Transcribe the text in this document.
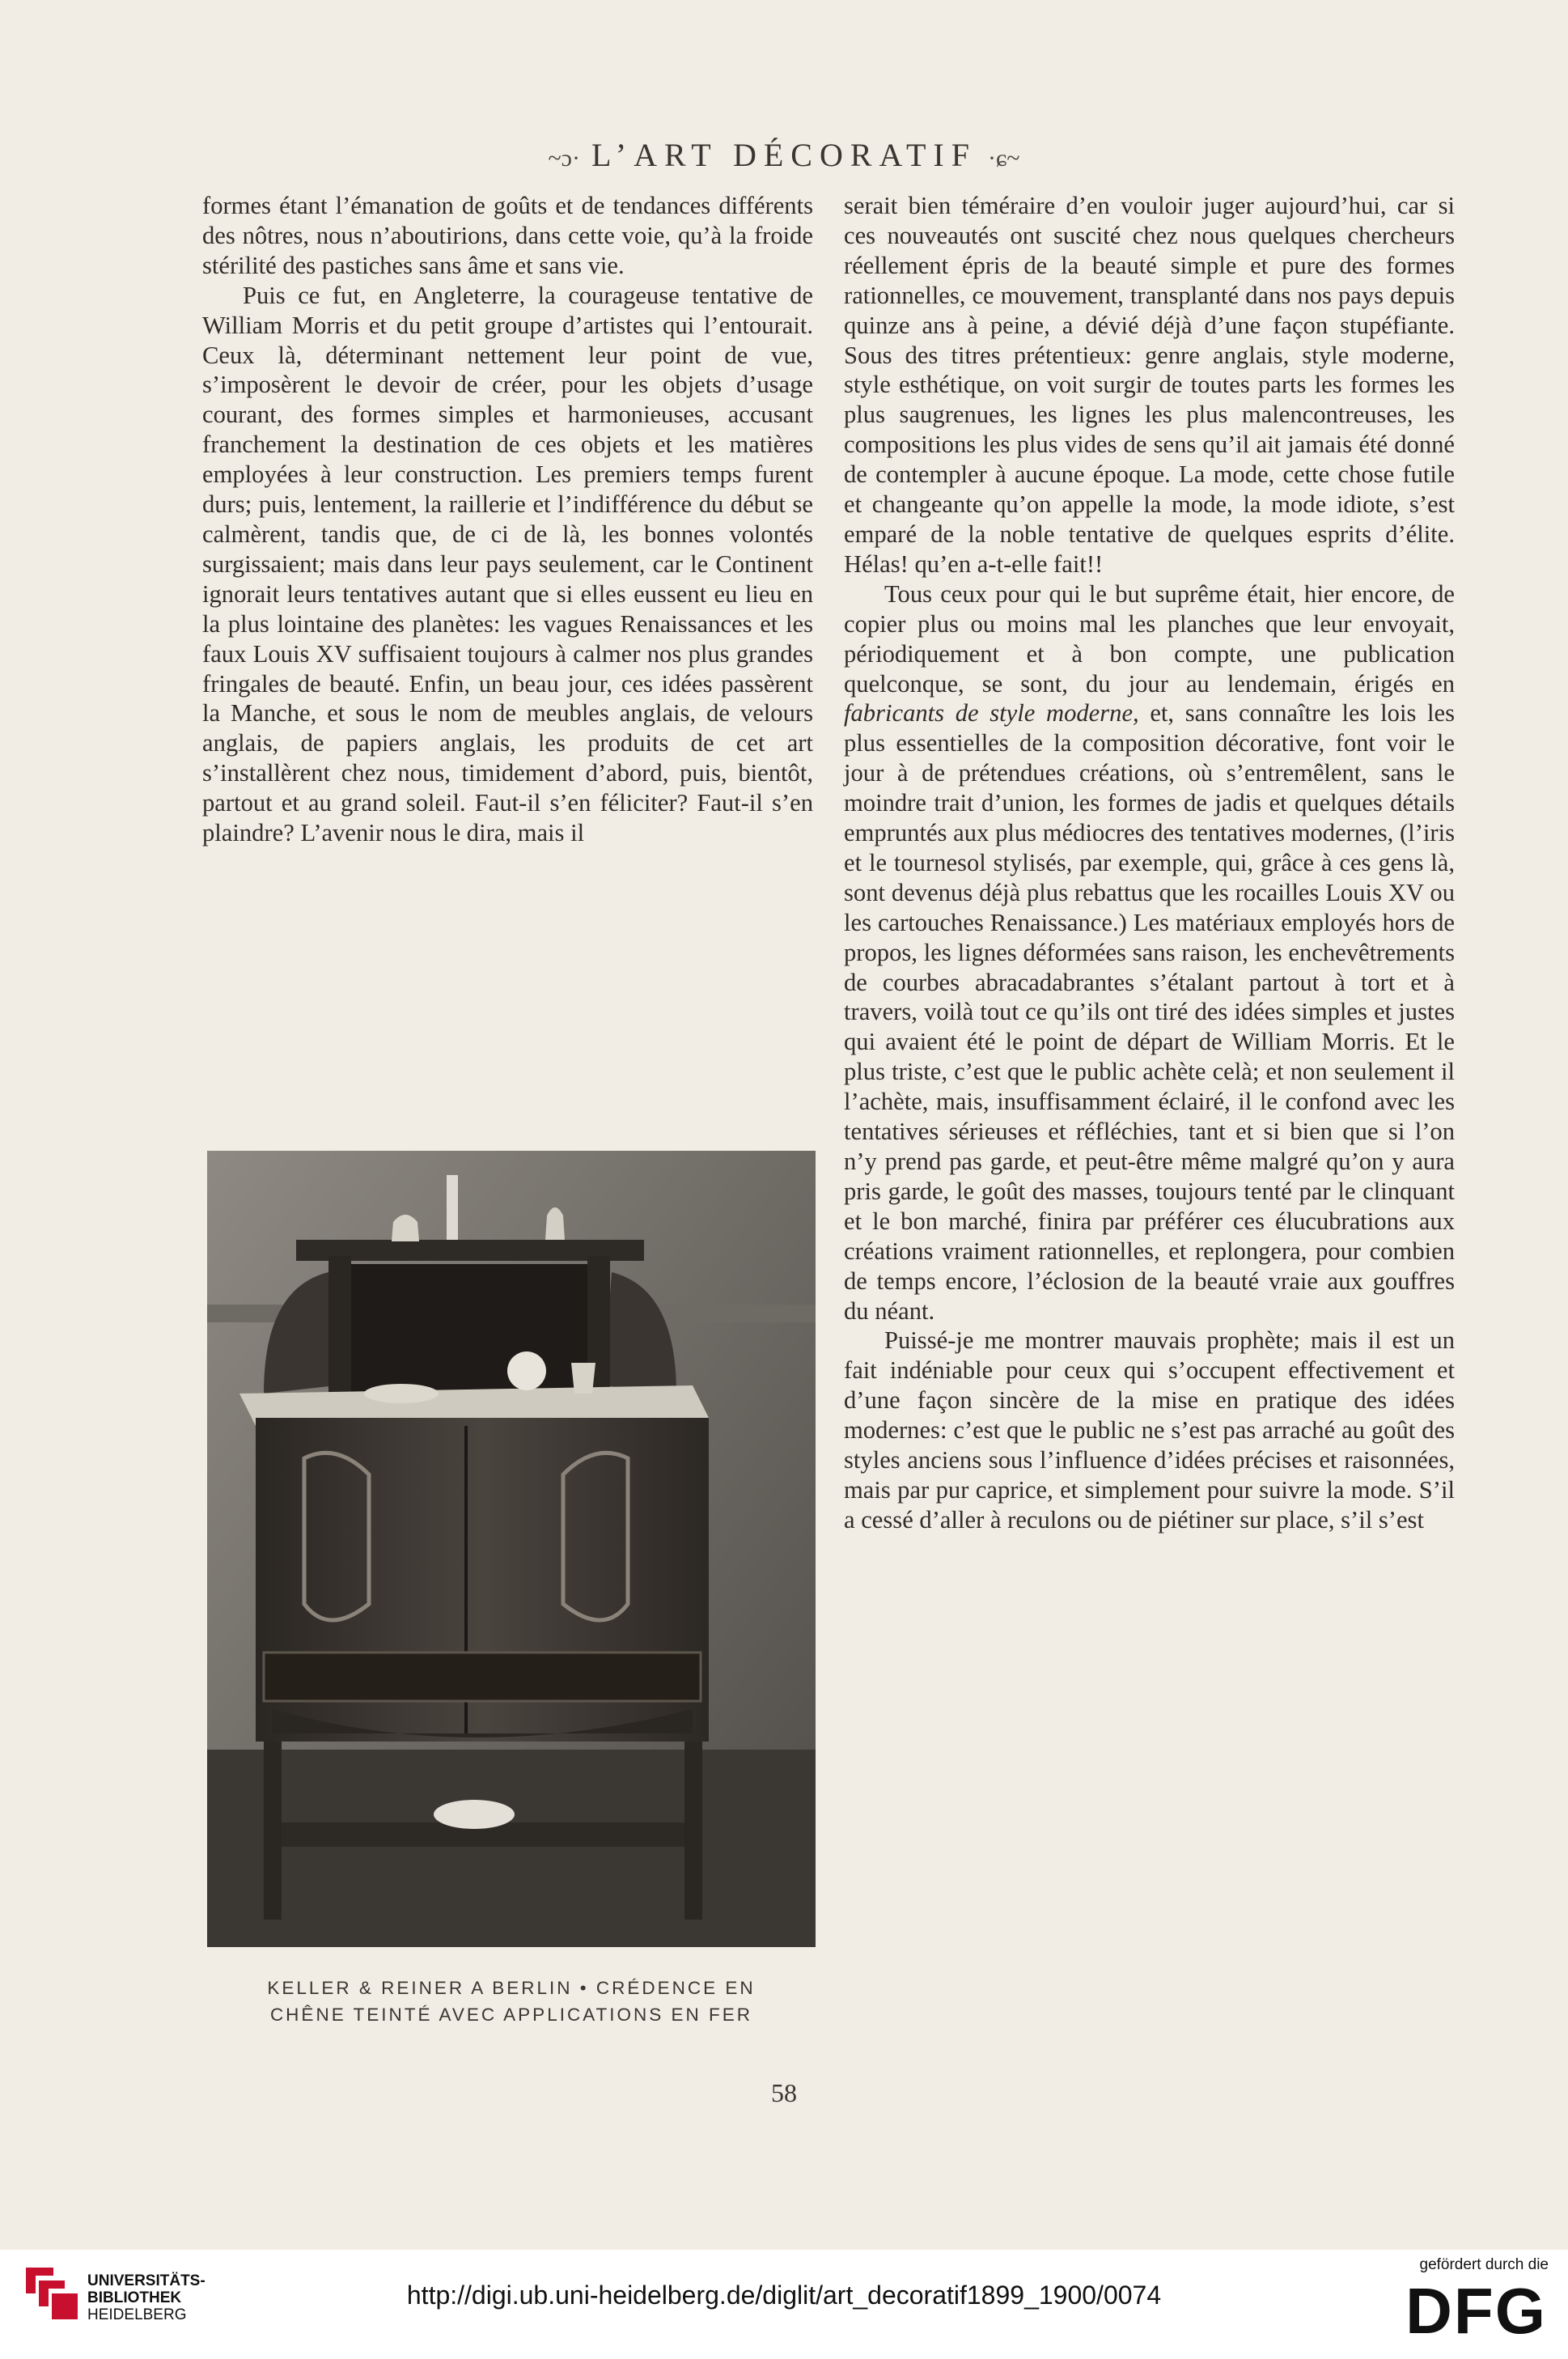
~ɔ· L’ART DÉCORATIF ·ɕ~

formes étant l’émanation de goûts et de tendances différents des nôtres, nous n’aboutirions, dans cette voie, qu’à la froide stérilité des pastiches sans âme et sans vie.

Puis ce fut, en Angleterre, la courageuse tentative de William Morris et du petit groupe d’artistes qui l’entourait. Ceux là, déterminant nettement leur point de vue, s’imposèrent le devoir de créer, pour les objets d’usage courant, des formes simples et harmonieuses, accusant franchement la destination de ces objets et les matières employées à leur construction. Les premiers temps furent durs; puis, lentement, la raillerie et l’indifférence du début se calmèrent, tandis que, de ci de là, les bonnes volontés surgissaient; mais dans leur pays seulement, car le Continent ignorait leurs tentatives autant que si elles eussent eu lieu en la plus lointaine des planètes: les vagues Renaissances et les faux Louis XV suffisaient toujours à calmer nos plus grandes fringales de beauté. Enfin, un beau jour, ces idées passèrent la Manche, et sous le nom de meubles anglais, de velours anglais, de papiers anglais, les produits de cet art s’installèrent chez nous, timidement d’abord, puis, bientôt, partout et au grand soleil. Faut-il s’en féliciter? Faut-il s’en plaindre? L’avenir nous le dira, mais il

KELLER & REINER A BERLIN • CRÉDENCE EN
CHÊNE TEINTÉ AVEC APPLICATIONS EN FER

serait bien téméraire d’en vouloir juger aujourd’hui, car si ces nouveautés ont suscité chez nous quelques chercheurs réellement épris de la beauté simple et pure des formes rationnelles, ce mouvement, transplanté dans nos pays depuis quinze ans à peine, a dévié déjà d’une façon stupéfiante. Sous des titres prétentieux: genre anglais, style moderne, style esthétique, on voit surgir de toutes parts les formes les plus saugrenues, les lignes les plus malencontreuses, les compositions les plus vides de sens qu’il ait jamais été donné de contempler à aucune époque. La mode, cette chose futile et changeante qu’on appelle la mode, la mode idiote, s’est emparé de la noble tentative de quelques esprits d’élite. Hélas! qu’en a-t-elle fait!!

Tous ceux pour qui le but suprême était, hier encore, de copier plus ou moins mal les planches que leur envoyait, périodiquement et à bon compte, une publication quelconque, se sont, du jour au lendemain, érigés en fabricants de style moderne, et, sans connaître les lois les plus essentielles de la composition décorative, font voir le jour à de prétendues créations, où s’entremêlent, sans le moindre trait d’union, les formes de jadis et quelques détails empruntés aux plus médiocres des tentatives modernes, (l’iris et le tournesol stylisés, par exemple, qui, grâce à ces gens là, sont devenus déjà plus rebattus que les rocailles Louis XV ou les cartouches Renaissance.) Les matériaux employés hors de propos, les lignes déformées sans raison, les enchevêtrements de courbes abracadabrantes s’étalant partout à tort et à travers, voilà tout ce qu’ils ont tiré des idées simples et justes qui avaient été le point de départ de William Morris. Et le plus triste, c’est que le public achète celà; et non seulement il l’achète, mais, insuffisamment éclairé, il le confond avec les tentatives sérieuses et réfléchies, tant et si bien que si l’on n’y prend pas garde, et peut-être même malgré qu’on y aura pris garde, le goût des masses, toujours tenté par le clinquant et le bon marché, finira par préférer ces élucubrations aux créations vraiment rationnelles, et replongera, pour combien de temps encore, l’éclosion de la beauté vraie aux gouffres du néant.

Puissé-je me montrer mauvais prophète; mais il est un fait indéniable pour ceux qui s’occupent effectivement et d’une façon sincère de la mise en pratique des idées modernes: c’est que le public ne s’est pas arraché au goût des styles anciens sous l’influence d’idées précises et raisonnées, mais par pur caprice, et simplement pour suivre la mode. S’il a cessé d’aller à reculons ou de piétiner sur place, s’il s’est

58
UNIVERSITÄTS-
BIBLIOTHEK
HEIDELBERG
http://digi.ub.uni-heidelberg.de/diglit/art_decoratif1899_1900/0074
gefördert durch die
DFG
